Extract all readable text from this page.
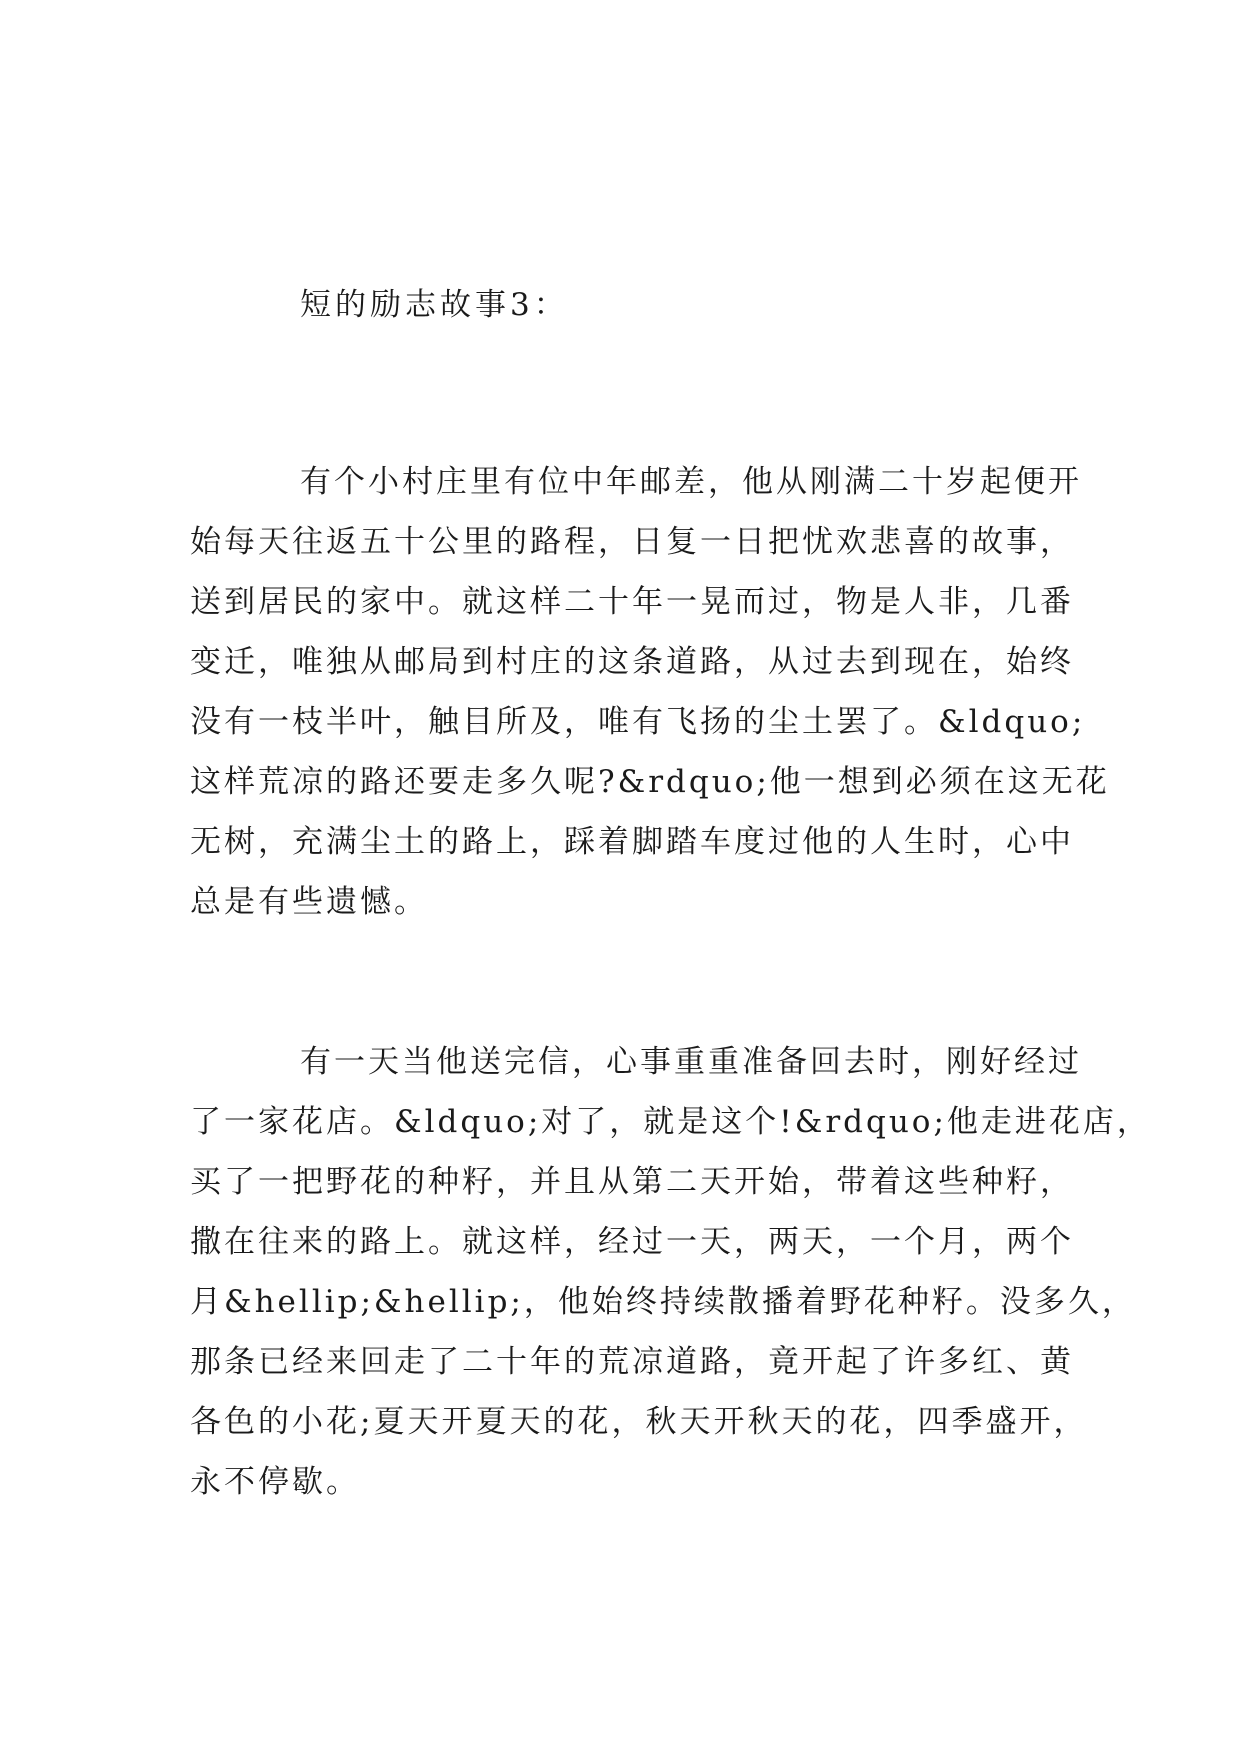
短的励志故事3：
有个小村庄里有位中年邮差，他从刚满二十岁起便开
始每天往返五十公里的路程，日复一日把忧欢悲喜的故事，
送到居民的家中。就这样二十年一晃而过，物是人非，几番
变迁，唯独从邮局到村庄的这条道路，从过去到现在，始终
没有一枝半叶，触目所及，唯有飞扬的尘土罢了。&ldquo;
这样荒凉的路还要走多久呢?&rdquo;他一想到必须在这无花
无树，充满尘土的路上，踩着脚踏车度过他的人生时，心中
总是有些遗憾。
有一天当他送完信，心事重重准备回去时，刚好经过
了一家花店。&ldquo;对了，就是这个!&rdquo;他走进花店，
买了一把野花的种籽，并且从第二天开始，带着这些种籽，
撒在往来的路上。就这样，经过一天，两天，一个月，两个
月&hellip;&hellip;，他始终持续散播着野花种籽。没多久，
那条已经来回走了二十年的荒凉道路，竟开起了许多红、黄
各色的小花;夏天开夏天的花，秋天开秋天的花，四季盛开，
永不停歇。
